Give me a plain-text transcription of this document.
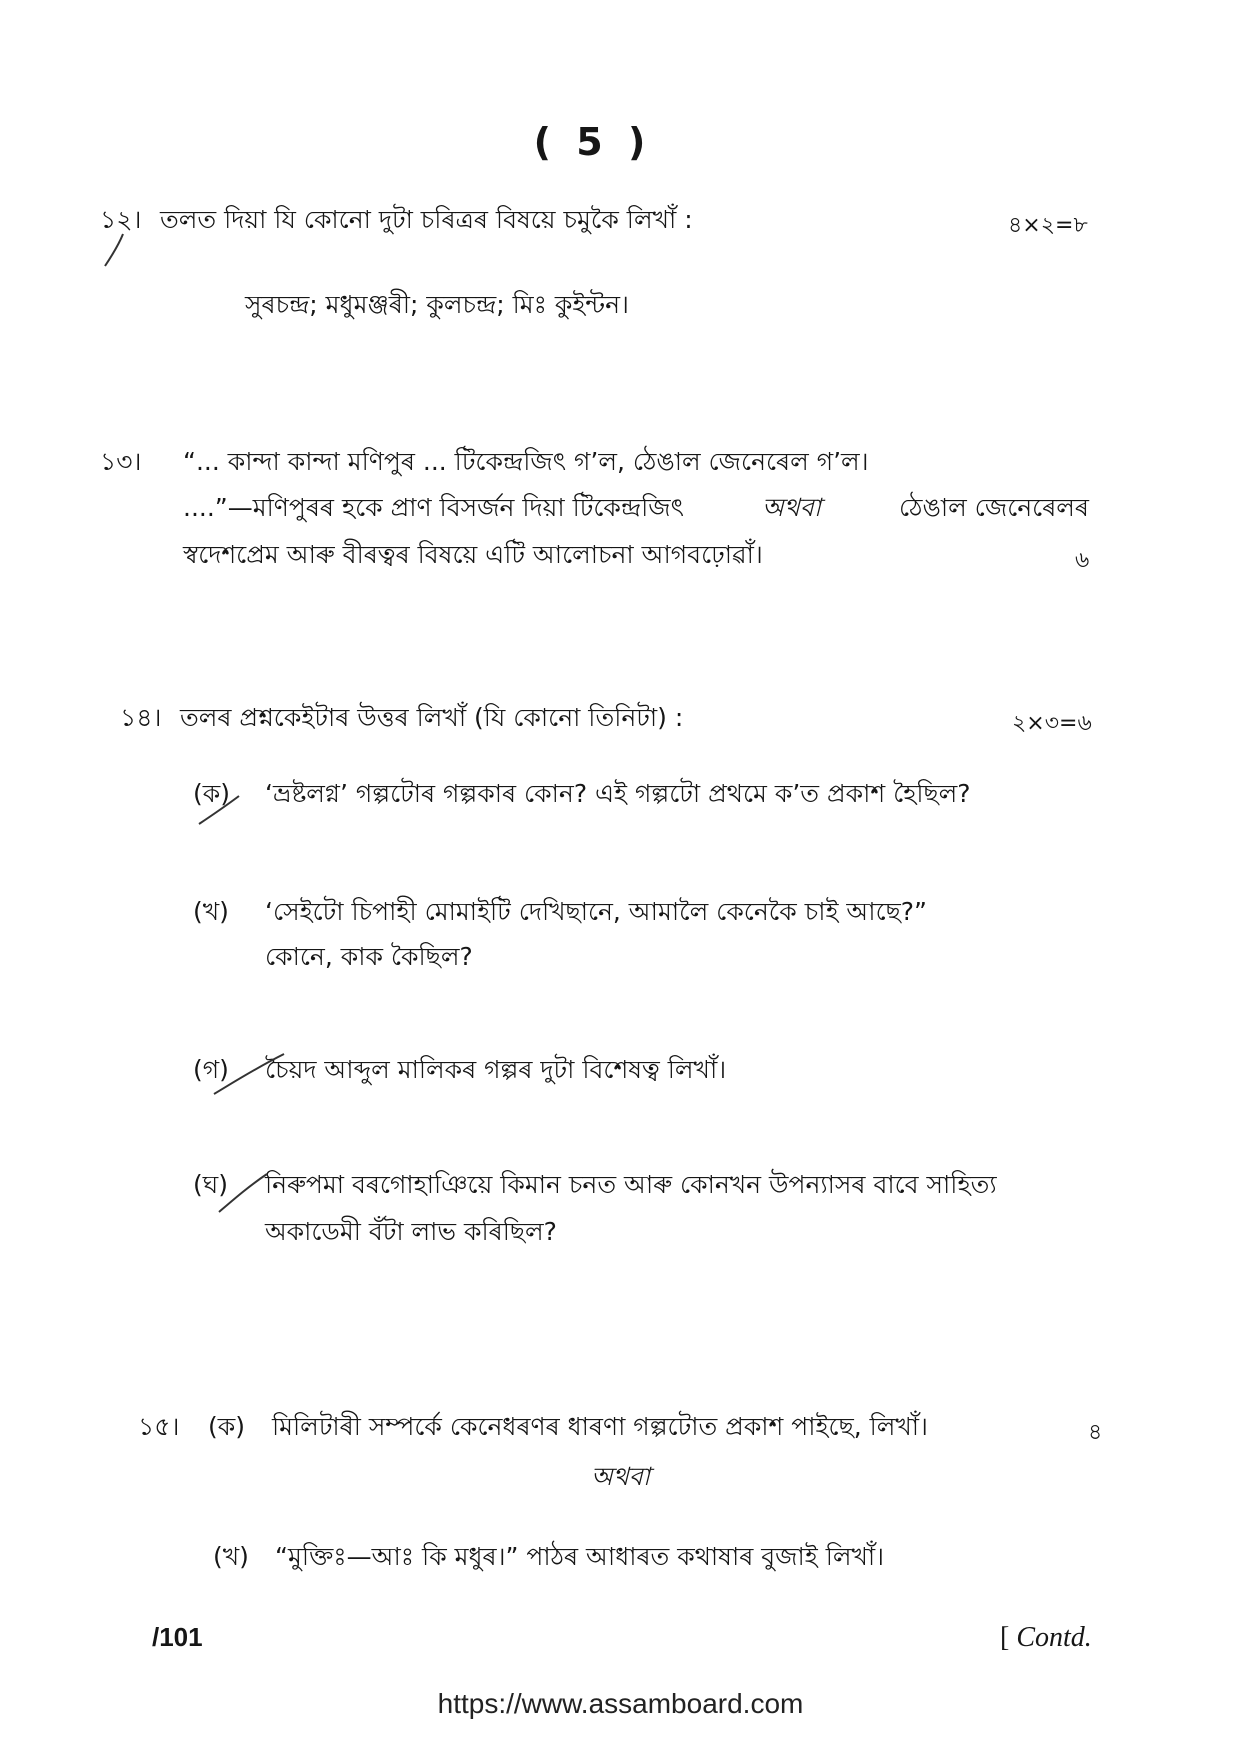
( 5 )
১২। তলত দিয়া যি কোনো দুটা চৰিত্ৰৰ বিষয়ে চমুকৈ লিখাঁ :	৪×২=৮
সুৰচন্দ্ৰ; মধুমঞ্জৰী; কুলচন্দ্ৰ; মিঃ কুইন্টন।
১৩। “... কান্দা কান্দা মণিপুৰ ... টিকেন্দ্ৰজিৎ গ’ল, ঠেঙাল জেনেৰেল গ’ল।
....”—মণিপুৰৰ হকে প্ৰাণ বিসৰ্জন দিয়া টিকেন্দ্ৰজিৎ	অথবা	ঠেঙাল জেনেৰেলৰ
স্বদেশপ্ৰেম আৰু বীৰত্বৰ বিষয়ে এটি আলোচনা আগবঢ়োৱাঁ।	৬
১৪। তলৰ প্ৰশ্নকেইটাৰ উত্তৰ লিখাঁ (যি কোনো তিনিটা) :	২×৩=৬
(ক) ‘ভ্ৰষ্টলগ্ন’ গল্পটোৰ গল্পকাৰ কোন? এই গল্পটো প্ৰথমে ক’ত প্ৰকাশ হৈছিল?
(খ) ‘সেইটো চিপাহী মোমাইটি দেখিছানে, আমালৈ কেনেকৈ চাই আছে?”
কোনে, কাক কৈছিল?
(গ) চৈয়দ আব্দুল মালিকৰ গল্পৰ দুটা বিশেষত্ব লিখাঁ।
(ঘ) নিৰুপমা বৰগোহাঞিয়ে কিমান চনত আৰু কোনখন উপন্যাসৰ বাবে সাহিত্য
অকাডেমী বঁটা লাভ কৰিছিল?
১৫। (ক) মিলিটাৰী সম্পৰ্কে কেনেধৰণৰ ধাৰণা গল্পটোত প্ৰকাশ পাইছে, লিখাঁ।	৪
অথবা
(খ) “মুক্তিঃ—আঃ কি মধুৰ।” পাঠৰ আধাৰত কথাষাৰ বুজাই লিখাঁ।
/101	[ Contd.
https://www.assamboard.com
